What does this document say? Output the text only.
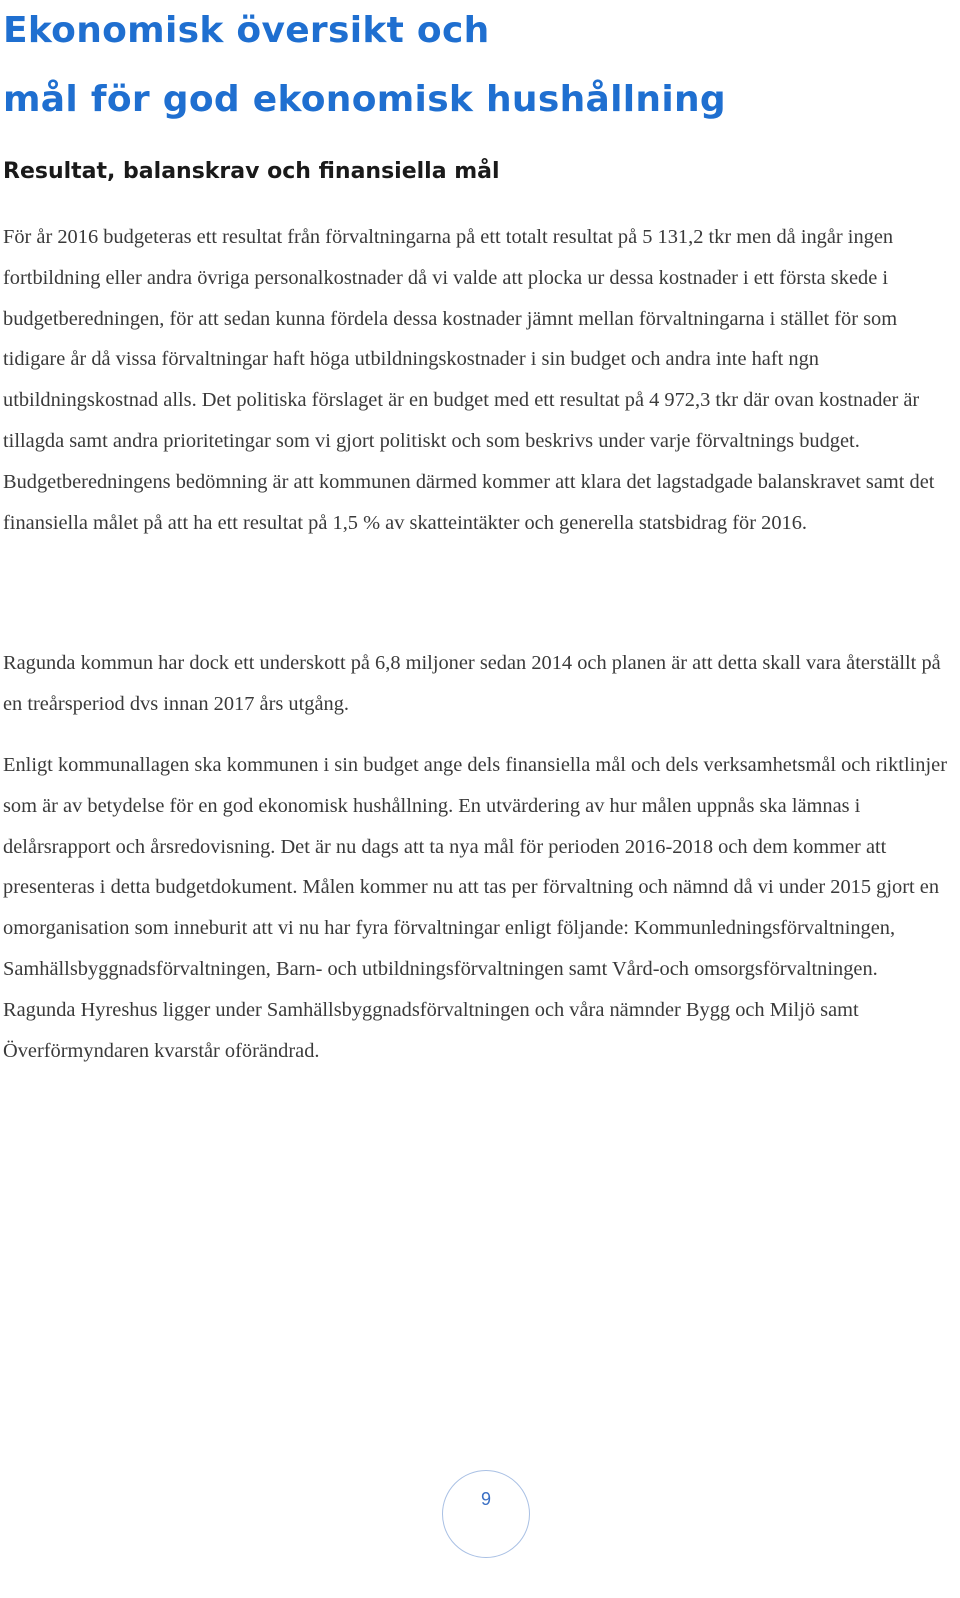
Ekonomisk översikt och
mål för god ekonomisk hushållning
Resultat, balanskrav och finansiella mål

För år 2016 budgeteras ett resultat från förvaltningarna på ett totalt resultat på 5 131,2 tkr men då ingår ingen fortbildning eller andra övriga personalkostnader då vi valde att plocka ur dessa kostnader i ett första skede i budgetberedningen, för att sedan kunna fördela dessa kostnader jämnt mellan förvaltningarna i stället för som tidigare år då vissa förvaltningar haft höga utbildningskostnader i sin budget och andra inte haft ngn utbildningskostnad alls. Det politiska förslaget är en budget med ett resultat på 4 972,3 tkr där ovan kostnader är tillagda samt andra prioritetingar som vi gjort politiskt och som beskrivs under varje förvaltnings budget. Budgetberedningens bedömning är att kommunen därmed kommer att klara det lagstadgade balanskravet samt det finansiella målet på att ha ett resultat på 1,5 % av skatteintäkter och generella statsbidrag för 2016.

Ragunda kommun har dock ett underskott på 6,8 miljoner sedan 2014 och planen är att detta skall vara återställt på en treårsperiod dvs innan 2017 års utgång.

Enligt kommunallagen ska kommunen i sin budget ange dels finansiella mål och dels verksamhetsmål och riktlinjer som är av betydelse för en god ekonomisk hushållning. En utvärdering av hur målen uppnås ska lämnas i delårsrapport och årsredovisning. Det är nu dags att ta nya mål för perioden 2016-2018 och dem kommer att presenteras i detta budgetdokument. Målen kommer nu att tas per förvaltning och nämnd då vi under 2015 gjort en omorganisation som inneburit att vi nu har fyra förvaltningar enligt följande: Kommunledningsförvaltningen, Samhällsbyggnadsförvaltningen, Barn- och utbildningsförvaltningen samt Vård-och omsorgsförvaltningen. Ragunda Hyreshus ligger under Samhällsbyggnadsförvaltningen och våra nämnder Bygg och Miljö samt Överförmyndaren kvarstår oförändrad.

9
